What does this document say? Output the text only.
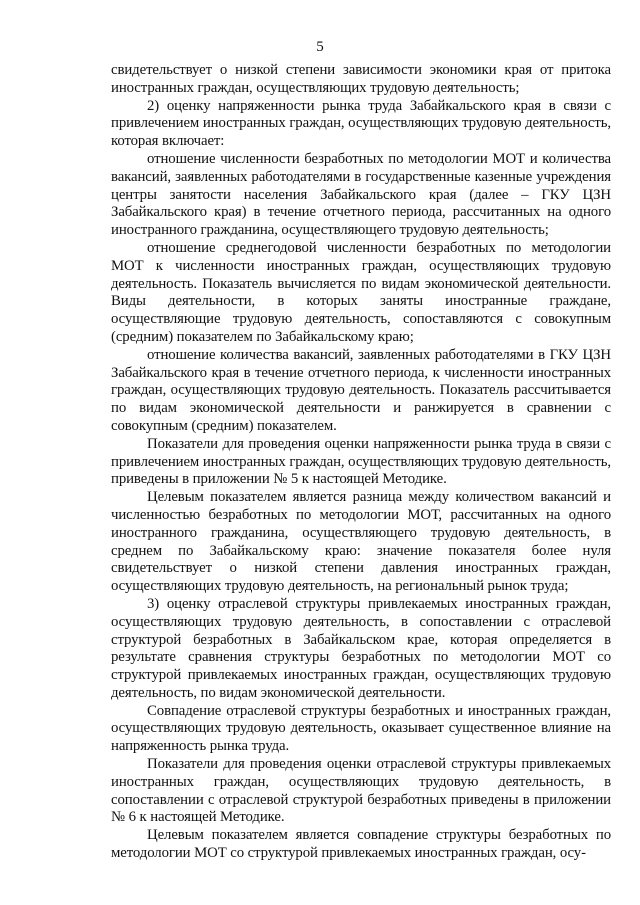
5

свидетельствует о низкой степени зависимости экономики края от притока иностранных граждан, осуществляющих трудовую деятельность;

2) оценку напряженности рынка труда Забайкальского края в связи с привлечением иностранных граждан, осуществляющих трудовую деятельность, которая включает:

отношение численности безработных по методологии МОТ и количества вакансий, заявленных работодателями в государственные казенные учреждения центры занятости населения Забайкальского края (далее – ГКУ ЦЗН Забайкальского края) в течение отчетного периода, рассчитанных на одного иностранного гражданина, осуществляющего трудовую деятельность;

отношение среднегодовой численности безработных по методологии МОТ к численности иностранных граждан, осуществляющих трудовую деятельность. Показатель вычисляется по видам экономической деятельности. Виды деятельности, в которых заняты иностранные граждане, осуществляющие трудовую деятельность, сопоставляются с совокупным (средним) показателем по Забайкальскому краю;

отношение количества вакансий, заявленных работодателями в ГКУ ЦЗН Забайкальского края в течение отчетного периода, к численности иностранных граждан, осуществляющих трудовую деятельность. Показатель рассчитывается по видам экономической деятельности и ранжируется в сравнении с совокупным (средним) показателем.

Показатели для проведения оценки напряженности рынка труда в связи с привлечением иностранных граждан, осуществляющих трудовую деятельность, приведены в приложении № 5 к настоящей Методике.

Целевым показателем является разница между количеством вакансий и численностью безработных по методологии МОТ, рассчитанных на одного иностранного гражданина, осуществляющего трудовую деятельность, в среднем по Забайкальскому краю: значение показателя более нуля свидетельствует о низкой степени давления иностранных граждан, осуществляющих трудовую деятельность, на региональный рынок труда;

3) оценку отраслевой структуры привлекаемых иностранных граждан, осуществляющих трудовую деятельность, в сопоставлении с отраслевой структурой безработных в Забайкальском крае, которая определяется в результате сравнения структуры безработных по методологии МОТ со структурой привлекаемых иностранных граждан, осуществляющих трудовую деятельность, по видам экономической деятельности.

Совпадение отраслевой структуры безработных и иностранных граждан, осуществляющих трудовую деятельность, оказывает существенное влияние на напряженность рынка труда.

Показатели для проведения оценки отраслевой структуры привлекаемых иностранных граждан, осуществляющих трудовую деятельность, в сопоставлении с отраслевой структурой безработных приведены в приложении № 6 к настоящей Методике.

Целевым показателем является совпадение структуры безработных по методологии МОТ со структурой привлекаемых иностранных граждан, осу-
